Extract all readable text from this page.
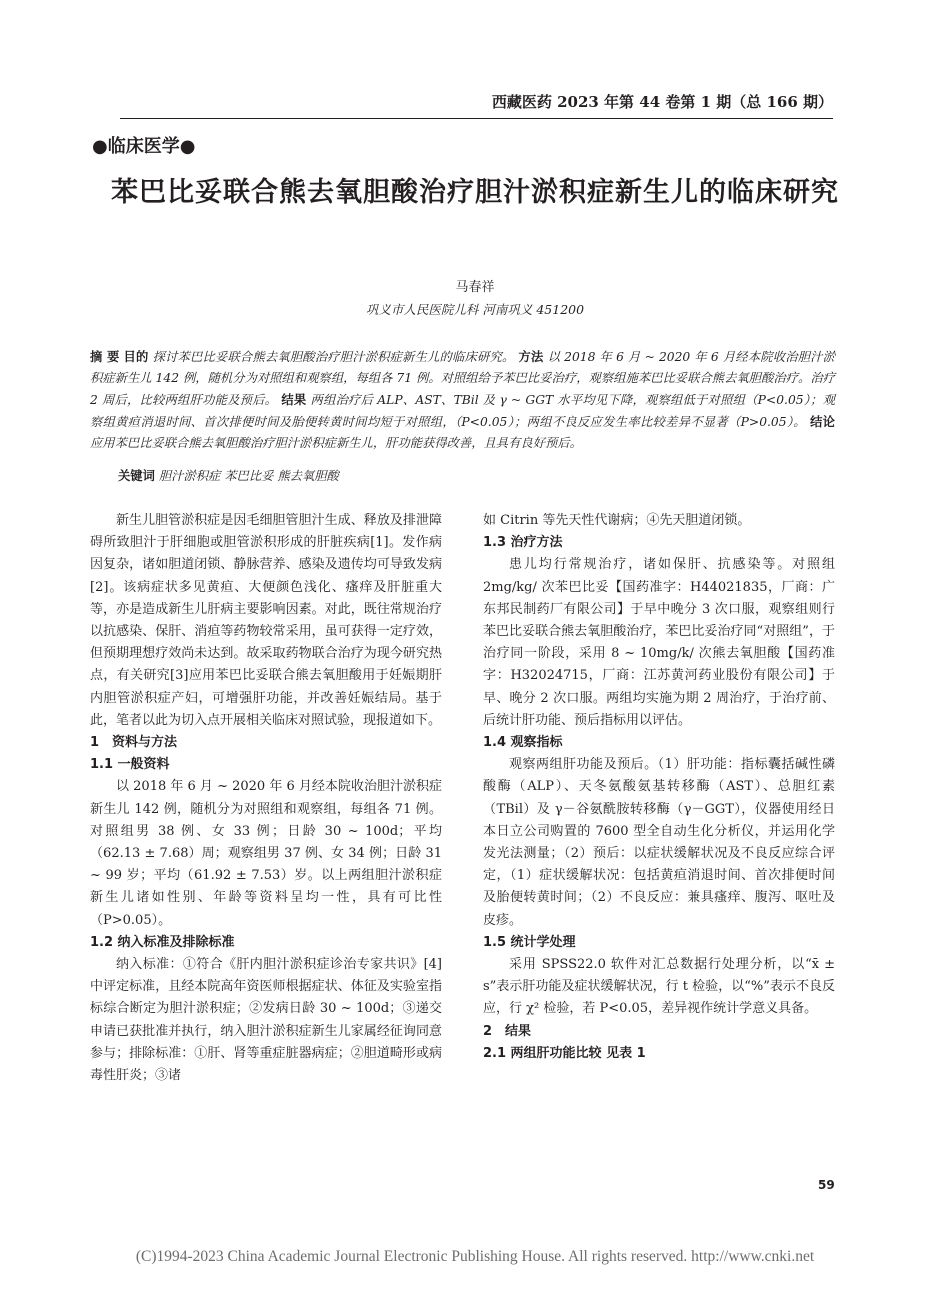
西藏医药 2023 年第 44 卷第 1 期（总 166 期）
●临床医学●
苯巴比妥联合熊去氧胆酸治疗胆汁淤积症新生儿的临床研究
马春祥
巩义市人民医院儿科 河南巩义 451200
摘 要 目的 探讨苯巴比妥联合熊去氧胆酸治疗胆汁淤积症新生儿的临床研究。 方法 以 2018 年 6 月 ~ 2020 年 6 月经本院收治胆汁淤积症新生儿 142 例，随机分为对照组和观察组，每组各 71 例。对照组给予苯巴比妥治疗，观察组施苯巴比妥联合熊去氧胆酸治疗。治疗 2 周后，比较两组肝功能及预后。 结果 两组治疗后 ALP、AST、TBil 及 γ ~ GGT 水平均见下降，观察组低于对照组（P<0.05）；观察组黄疸消退时间、首次排便时间及胎便转黄时间均短于对照组，（P<0.05）；两组不良反应发生率比较差异不显著（P>0.05）。 结论 应用苯巴比妥联合熊去氧胆酸治疗胆汁淤积症新生儿，肝功能获得改善，且具有良好预后。
关键词 胆汁淤积症 苯巴比妥 熊去氧胆酸

新生儿胆管淤积症是因毛细胆管胆汁生成、释放及排泄障碍所致胆汁于肝细胞或胆管淤积形成的肝脏疾病[1]。发作病因复杂，诸如胆道闭锁、静脉营养、感染及遗传均可导致发病[2]。该病症状多见黄疸、大便颜色浅化、瘙痒及肝脏重大等，亦是造成新生儿肝病主要影响因素。对此，既往常规治疗以抗感染、保肝、消疸等药物较常采用，虽可获得一定疗效，但预期理想疗效尚未达到。故采取药物联合治疗为现今研究热点，有关研究[3]应用苯巴比妥联合熊去氧胆酸用于妊娠期肝内胆管淤积症产妇，可增强肝功能，并改善妊娠结局。基于此，笔者以此为切入点开展相关临床对照试验，现报道如下。

1　资料与方法
1.1 一般资料

以 2018 年 6 月 ~ 2020 年 6 月经本院收治胆汁淤积症新生儿 142 例，随机分为对照组和观察组，每组各 71 例。对照组男 38 例、女 33 例；日龄 30 ~ 100d；平均（62.13 ± 7.68）周；观察组男 37 例、女 34 例；日龄 31 ~ 99 岁；平均（61.92 ± 7.53）岁。以上两组胆汁淤积症新生儿诸如性别、年龄等资料呈均一性，具有可比性（P>0.05）。

1.2 纳入标准及排除标准

纳入标准：①符合《肝内胆汁淤积症诊治专家共识》[4] 中评定标准，且经本院高年资医师根据症状、体征及实验室指标综合断定为胆汁淤积症；②发病日龄 30 ~ 100d；③递交申请已获批准并执行，纳入胆汁淤积症新生儿家属经征询同意参与；排除标准：①肝、肾等重症脏器病症；②胆道畸形或病毒性肝炎；③诸

如 Citrin 等先天性代谢病；④先天胆道闭锁。

1.3 治疗方法

患儿均行常规治疗，诸如保肝、抗感染等。对照组 2mg/kg/ 次苯巴比妥【国药准字：H44021835，厂商：广东邦民制药厂有限公司】于早中晚分 3 次口服，观察组则行苯巴比妥联合熊去氧胆酸治疗，苯巴比妥治疗同“对照组”，于治疗同一阶段，采用 8 ~ 10mg/k/ 次熊去氧胆酸【国药准字：H32024715，厂商：江苏黄河药业股份有限公司】于早、晚分 2 次口服。两组均实施为期 2 周治疗，于治疗前、后统计肝功能、预后指标用以评估。

1.4 观察指标

观察两组肝功能及预后。（1）肝功能：指标囊括碱性磷酸酶（ALP）、天冬氨酸氨基转移酶（AST）、总胆红素（TBil）及 γ－谷氨酰胺转移酶（γ－GGT），仪器使用经日本日立公司购置的 7600 型全自动生化分析仪，并运用化学发光法测量；（2）预后：以症状缓解状况及不良反应综合评定，（1）症状缓解状况：包括黄疸消退时间、首次排便时间及胎便转黄时间；（2）不良反应：兼具瘙痒、腹泻、呕吐及皮疹。

1.5 统计学处理

采用 SPSS22.0 软件对汇总数据行处理分析，以“x̄ ± s”表示肝功能及症状缓解状况，行 t 检验，以“%”表示不良反应，行 χ² 检验，若 P<0.05，差异视作统计学意义具备。

2　结果
2.1 两组肝功能比较 见表 1
59
(C)1994-2023 China Academic Journal Electronic Publishing House. All rights reserved. http://www.cnki.net
